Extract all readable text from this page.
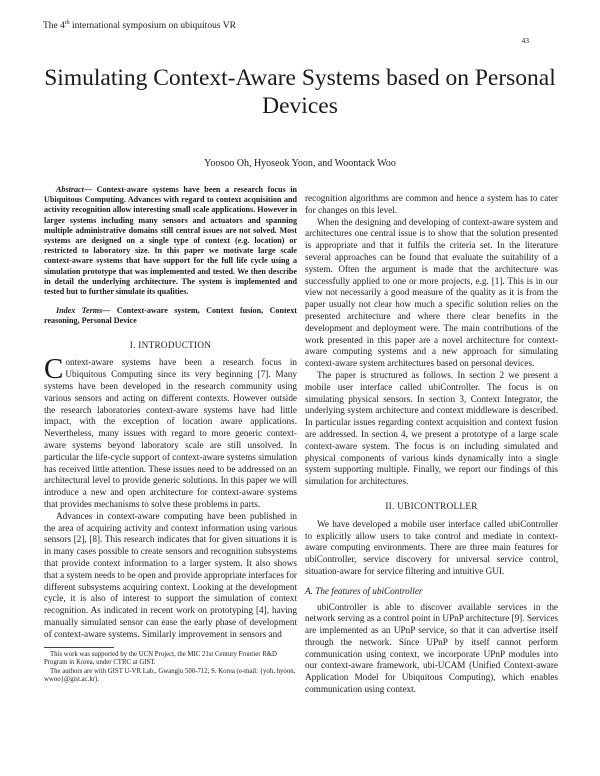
The 4th international symposium on ubiquitous VR
43
Simulating Context-Aware Systems based on Personal Devices
Yoosoo Oh, Hyoseok Yoon, and Woontack Woo

Abstract— Context-aware systems have been a research focus in Ubiquitous Computing. Advances with regard to context acquisition and activity recognition allow interesting small scale applications. However in larger systems including many sensors and actuators and spanning multiple administrative domains still central issues are not solved. Most systems are designed on a single type of context (e.g. location) or restricted to laboratory size. In this paper we motivate large scale context-aware systems that have support for the full life cycle using a simulation prototype that was implemented and tested. We then describe in detail the underlying architecture. The system is implemented and tested but to further simulate its qualities.

Index Terms— Context-aware system, Context fusion, Context reasoning, Personal Device

I. INTRODUCTION

Context-aware systems have been a research focus in Ubiquitous Computing since its very beginning [7]. Many systems have been developed in the research community using various sensors and acting on different contexts. However outside the research laboratories context-aware systems have had little impact, with the exception of location aware applications. Nevertheless, many issues with regard to more generic context-aware systems beyond laboratory scale are still unsolved. In particular the life-cycle support of context-aware systems simulation has received little attention. These issues need to be addressed on an architectural level to provide generic solutions. In this paper we will introduce a new and open architecture for context-aware systems that provides mechanisms to solve these problems in parts.

Advances in context-aware computing have been published in the area of acquiring activity and context information using various sensors [2], [8]. This research indicates that for given situations it is in many cases possible to create sensors and recognition subsystems that provide context information to a larger system. It also shows that a system needs to be open and provide appropriate interfaces for different subsystems acquiring context. Looking at the development cycle, it is also of interest to support the simulation of context recognition. As indicated in recent work on prototyping [4], having manually simulated sensor can ease the early phase of development of context-aware systems. Similarly improvement in sensors and

This work was supported by the UCN Project, the MIC 21st Century Frontier R&D Program in Korea, under CTRC at GIST.

The authors are with GIST U-VR Lab., Gwangju 500-712, S. Korea (e-mail: {yoh, hyoon, wwoo}@gist.ac.kr).

recognition algorithms are common and hence a system has to cater for changes on this level.

When the designing and developing of context-aware system and architectures one central issue is to show that the solution presented is appropriate and that it fulfils the criteria set. In the literature several approaches can be found that evaluate the suitability of a system. Often the argument is made that the architecture was successfully applied to one or more projects, e.g. [1]. This is in our view not necessarily a good measure of the quality as it is from the paper usually not clear how much a specific solution relies on the presented architecture and where there clear benefits in the development and deployment were. The main contributions of the work presented in this paper are a novel architecture for context-aware computing systems and a new approach for simulating context-aware system architectures based on personal devices.

The paper is structured as follows. In section 2 we present a mobile user interface called ubiController. The focus is on simulating physical sensors. In section 3, Context Integrator, the underlying system architecture and context middleware is described. In particular issues regarding context acquisition and context fusion are addressed. In section 4, we present a prototype of a large scale context-aware system. The focus is on including simulated and physical components of various kinds dynamically into a single system supporting multiple. Finally, we report our findings of this simulation for architectures.

II. UBICONTROLLER

We have developed a mobile user interface called ubiController to explicitly allow users to take control and mediate in context-aware computing environments. There are three main features for ubiController, service discovery for universal service control, situation-aware for service filtering and intuitive GUI.

A. The features of ubiController

ubiController is able to discover available services in the network serving as a control point in UPnP architecture [9]. Services are implemented as an UPnP service, so that it can advertise itself through the network. Since UPnP by itself cannot perform communication using context, we incorporate UPnP modules into our context-aware framework, ubi-UCAM (Unified Context-aware Application Model for Ubiquitous Computing), which enables communication using context.
